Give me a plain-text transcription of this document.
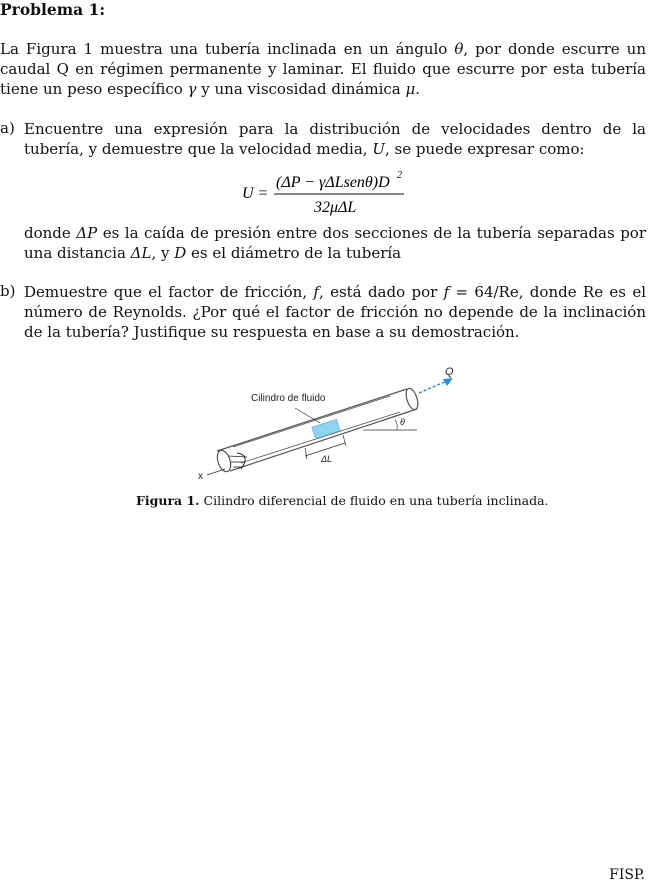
Problema 1:
La Figura 1 muestra una tubería inclinada en un ángulo θ, por donde escurre un caudal Q en régimen permanente y laminar. El fluido que escurre por esta tubería tiene un peso específico γ y una viscosidad dinámica μ.
a) Encuentre una expresión para la distribución de velocidades dentro de la tubería, y demuestre que la velocidad media, U, se puede expresar como:
U =
(ΔP − γΔLsenθ)D 2
32μΔL
donde ΔP es la caída de presión entre dos secciones de la tubería separadas por una distancia ΔL, y D es el diámetro de la tubería
b) Demuestre que el factor de fricción, f, está dado por f = 64/Re, donde Re es el número de Reynolds. ¿Por qué el factor de fricción no depende de la inclinación de la tubería? Justifique su respuesta en base a su demostración.
Cilindro de fluido
Q
θ
ΔL
x
Figura 1. Cilindro diferencial de fluido en una tubería inclinada.
FISP.
